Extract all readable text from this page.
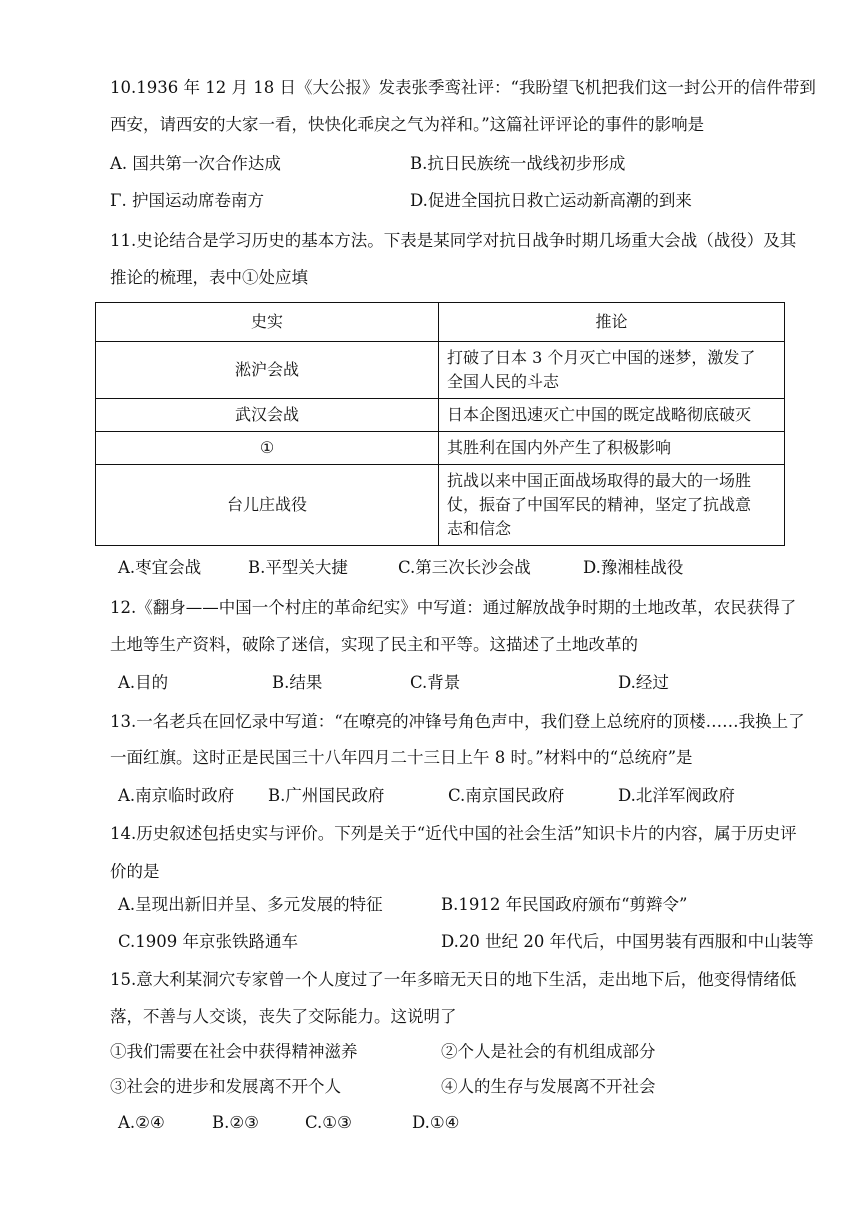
10.1936 年 12 月 18 日《大公报》发表张季鸾社评：“我盼望飞机把我们这一封公开的信件带到
西安，请西安的大家一看，快快化乖戾之气为祥和。”这篇社评评论的事件的影响是
A. 国共第一次合作达成	B.抗日民族统一战线初步形成
Γ. 护国运动席卷南方	D.促进全国抗日救亡运动新高潮的到来
11.史论结合是学习历史的基本方法。下表是某同学对抗日战争时期几场重大会战（战役）及其
推论的梳理，表中①处应填
史实	推论
淞沪会战	打破了日本 3 个月灭亡中国的迷梦，激发了
全国人民的斗志

武汉会战	日本企图迅速灭亡中国的既定战略彻底破灭

①	其胜利在国内外产生了积极影响

台儿庄战役	抗战以来中国正面战场取得的最大的一场胜
仗，振奋了中国军民的精神，坚定了抗战意
志和信念
A.枣宜会战	B.平型关大捷	C.第三次长沙会战	D.豫湘桂战役
12.《翻身——中国一个村庄的革命纪实》中写道：通过解放战争时期的土地改革，农民获得了
土地等生产资料，破除了迷信，实现了民主和平等。这描述了土地改革的
A.目的	B.结果	C.背景	D.经过
13.一名老兵在回忆录中写道：“在嘹亮的冲锋号角色声中，我们登上总统府的顶楼……我换上了
一面红旗。这时正是民国三十八年四月二十三日上午 8 时。”材料中的“总统府”是
A.南京临时政府 B.广州国民政府	C.南京国民政府	D.北洋军阀政府
14.历史叙述包括史实与评价。下列是关于“近代中国的社会生活”知识卡片的内容，属于历史评
价的是
A.呈现出新旧并呈、多元发展的特征	B.1912 年民国政府颁布“剪辫令”
C.1909 年京张铁路通车	D.20 世纪 20 年代后，中国男装有西服和中山装等
15.意大利某洞穴专家曾一个人度过了一年多暗无天日的地下生活，走出地下后，他变得情绪低
落，不善与人交谈，丧失了交际能力。这说明了
①我们需要在社会中获得精神滋养	②个人是社会的有机组成部分
③社会的进步和发展离不开个人	④人的生存与发展离不开社会
A.②④	B.②③	C.①③	D.①④
